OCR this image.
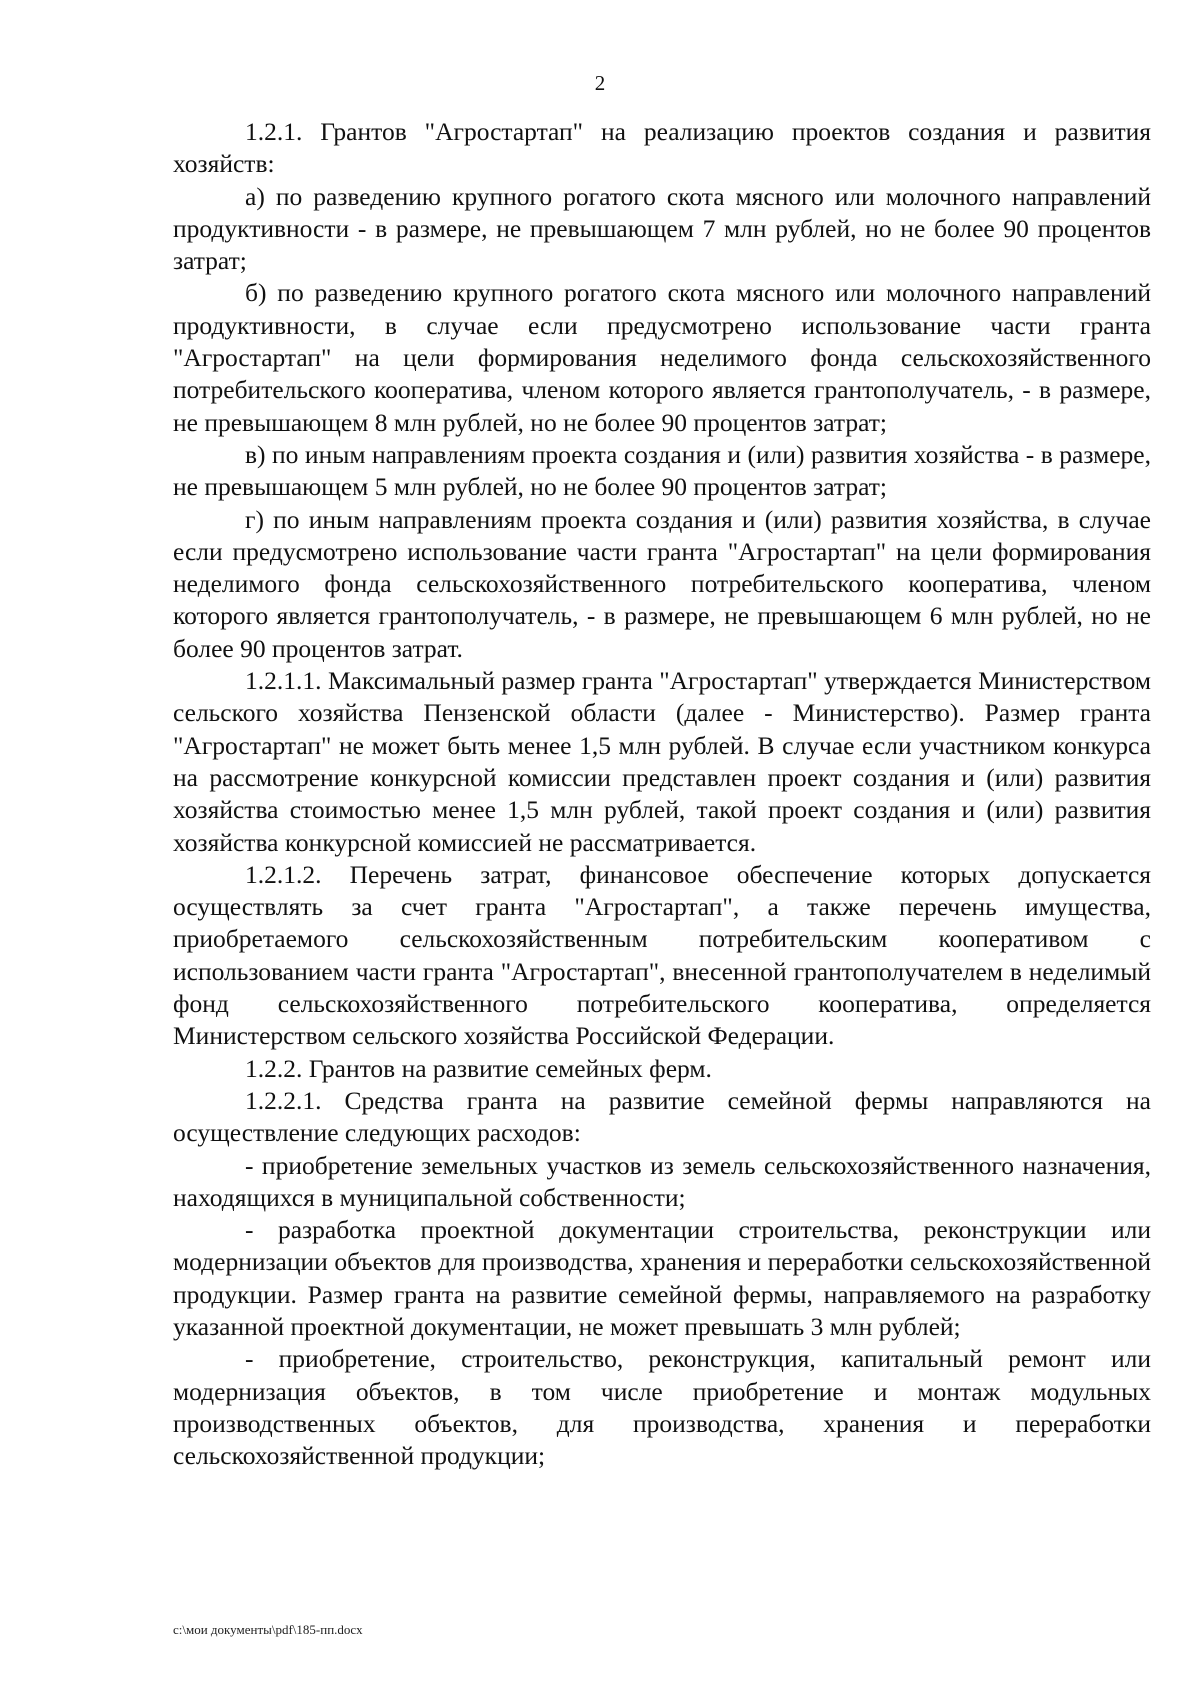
2

1.2.1. Грантов "Агростартап" на реализацию проектов создания и развития хозяйств:

а) по разведению крупного рогатого скота мясного или молочного направлений продуктивности - в размере, не превышающем 7 млн рублей, но не более 90 процентов затрат;

б) по разведению крупного рогатого скота мясного или молочного направлений продуктивности, в случае если предусмотрено использование части гранта "Агростартап" на цели формирования неделимого фонда сельскохозяйственного потребительского кооператива, членом которого является грантополучатель, - в размере, не превышающем 8 млн рублей, но не более 90 процентов затрат;

в) по иным направлениям проекта создания и (или) развития хозяйства - в размере, не превышающем 5 млн рублей, но не более 90 процентов затрат;

г) по иным направлениям проекта создания и (или) развития хозяйства, в случае если предусмотрено использование части гранта "Агростартап" на цели формирования неделимого фонда сельскохозяйственного потребительского кооператива, членом которого является грантополучатель, - в размере, не превышающем 6 млн рублей, но не более 90 процентов затрат.

1.2.1.1. Максимальный размер гранта "Агростартап" утверждается Министерством сельского хозяйства Пензенской области (далее - Министерство). Размер гранта "Агростартап" не может быть менее 1,5 млн рублей. В случае если участником конкурса на рассмотрение конкурсной комиссии представлен проект создания и (или) развития хозяйства стоимостью менее 1,5 млн рублей, такой проект создания и (или) развития хозяйства конкурсной комиссией не рассматривается.

1.2.1.2. Перечень затрат, финансовое обеспечение которых допускается осуществлять за счет гранта "Агростартап", а также перечень имущества, приобретаемого сельскохозяйственным потребительским кооперативом с использованием части гранта "Агростартап", внесенной грантополучателем в неделимый фонд сельскохозяйственного потребительского кооператива, определяется Министерством сельского хозяйства Российской Федерации.

1.2.2. Грантов на развитие семейных ферм.

1.2.2.1. Средства гранта на развитие семейной фермы направляются на осуществление следующих расходов:

- приобретение земельных участков из земель сельскохозяйственного назначения, находящихся в муниципальной собственности;

- разработка проектной документации строительства, реконструкции или модернизации объектов для производства, хранения и переработки сельскохозяйственной продукции. Размер гранта на развитие семейной фермы, направляемого на разработку указанной проектной документации, не может превышать 3 млн рублей;

- приобретение, строительство, реконструкция, капитальный ремонт или модернизация объектов, в том числе приобретение и монтаж модульных производственных объектов, для производства, хранения и переработки сельскохозяйственной продукции;

c:\мои документы\pdf\185-пп.docx
